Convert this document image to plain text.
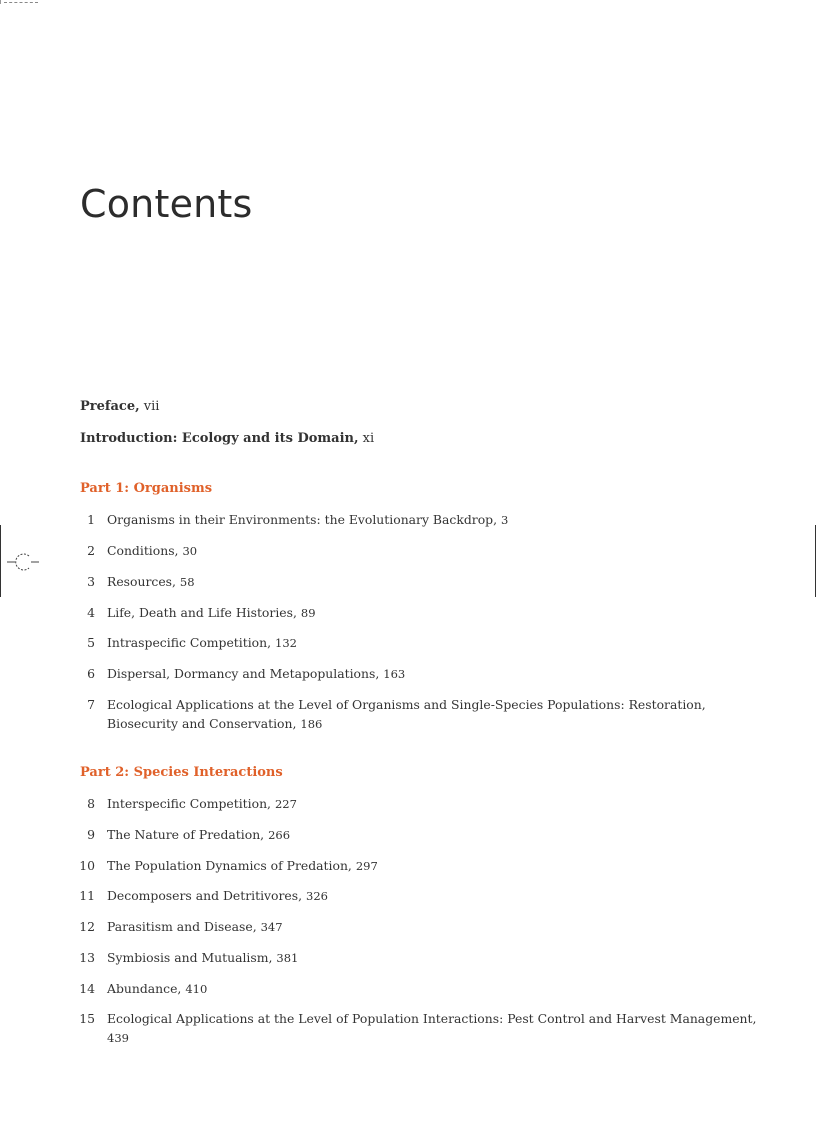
Contents
Preface, vii
Introduction: Ecology and its Domain, xi
Part 1: Organisms
1 Organisms in their Environments: the Evolutionary Backdrop, 3
2 Conditions, 30
3 Resources, 58
4 Life, Death and Life Histories, 89
5 Intraspecific Competition, 132
6 Dispersal, Dormancy and Metapopulations, 163
7 Ecological Applications at the Level of Organisms and Single-Species Populations: Restoration, Biosecurity and Conservation, 186
Part 2: Species Interactions
8 Interspecific Competition, 227
9 The Nature of Predation, 266
10 The Population Dynamics of Predation, 297
11 Decomposers and Detritivores, 326
12 Parasitism and Disease, 347
13 Symbiosis and Mutualism, 381
14 Abundance, 410
15 Ecological Applications at the Level of Population Interactions: Pest Control and Harvest Management, 439
